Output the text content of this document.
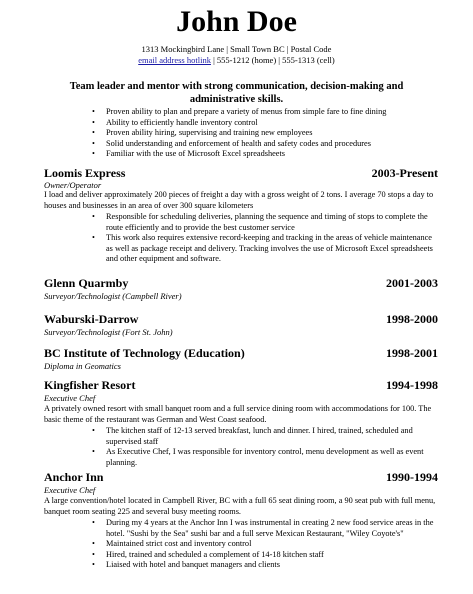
John Doe
1313 Mockingbird Lane | Small Town BC | Postal Code
email address hotlink | 555-1212 (home) | 555-1313 (cell)
Team leader and mentor with strong communication, decision-making and
administrative skills.
• Proven ability to plan and prepare a variety of menus from simple fare to fine dining
• Ability to efficiently handle inventory control
• Proven ability hiring, supervising and training new employees
• Solid understanding and enforcement of health and safety codes and procedures
• Familiar with the use of Microsoft Excel spreadsheets
Loomis Express	2003-Present
Owner/Operator
I load and deliver approximately 200 pieces of freight a day with a gross weight of 2 tons. I average 70 stops a day to houses and businesses in an area of over 300 square kilometers
• Responsible for scheduling deliveries, planning the sequence and timing of stops to complete the route efficiently and to provide the best customer service
• This work also requires extensive record-keeping and tracking in the areas of vehicle maintenance as well as package receipt and delivery. Tracking involves the use of Microsoft Excel spreadsheets and other equipment and software.
Glenn Quarmby	2001-2003
Surveyor/Technologist (Campbell River)
Waburski-Darrow	1998-2000
Surveyor/Technologist (Fort St. John)
BC Institute of Technology (Education)	1998-2001
Diploma in Geomatics
Kingfisher Resort	1994-1998
Executive Chef
A privately owned resort with small banquet room and a full service dining room with accommodations for 100. The basic theme of the restaurant was German and West Coast seafood.
• The kitchen staff of 12-13 served breakfast, lunch and dinner. I hired, trained, scheduled and supervised staff
• As Executive Chef, I was responsible for inventory control, menu development as well as event planning.
Anchor Inn	1990-1994
Executive Chef
A large convention/hotel located in Campbell River, BC with a full 65 seat dining room, a 90 seat pub with full menu, banquet room seating 225 and several busy meeting rooms.
• During my 4 years at the Anchor Inn I was instrumental in creating 2 new food service areas in the hotel. "Sushi by the Sea" sushi bar and a full serve Mexican Restaurant, "Wiley Coyote's"
• Maintained strict cost and inventory control
• Hired, trained and scheduled a complement of 14-18 kitchen staff
• Liaised with hotel and banquet managers and clients
